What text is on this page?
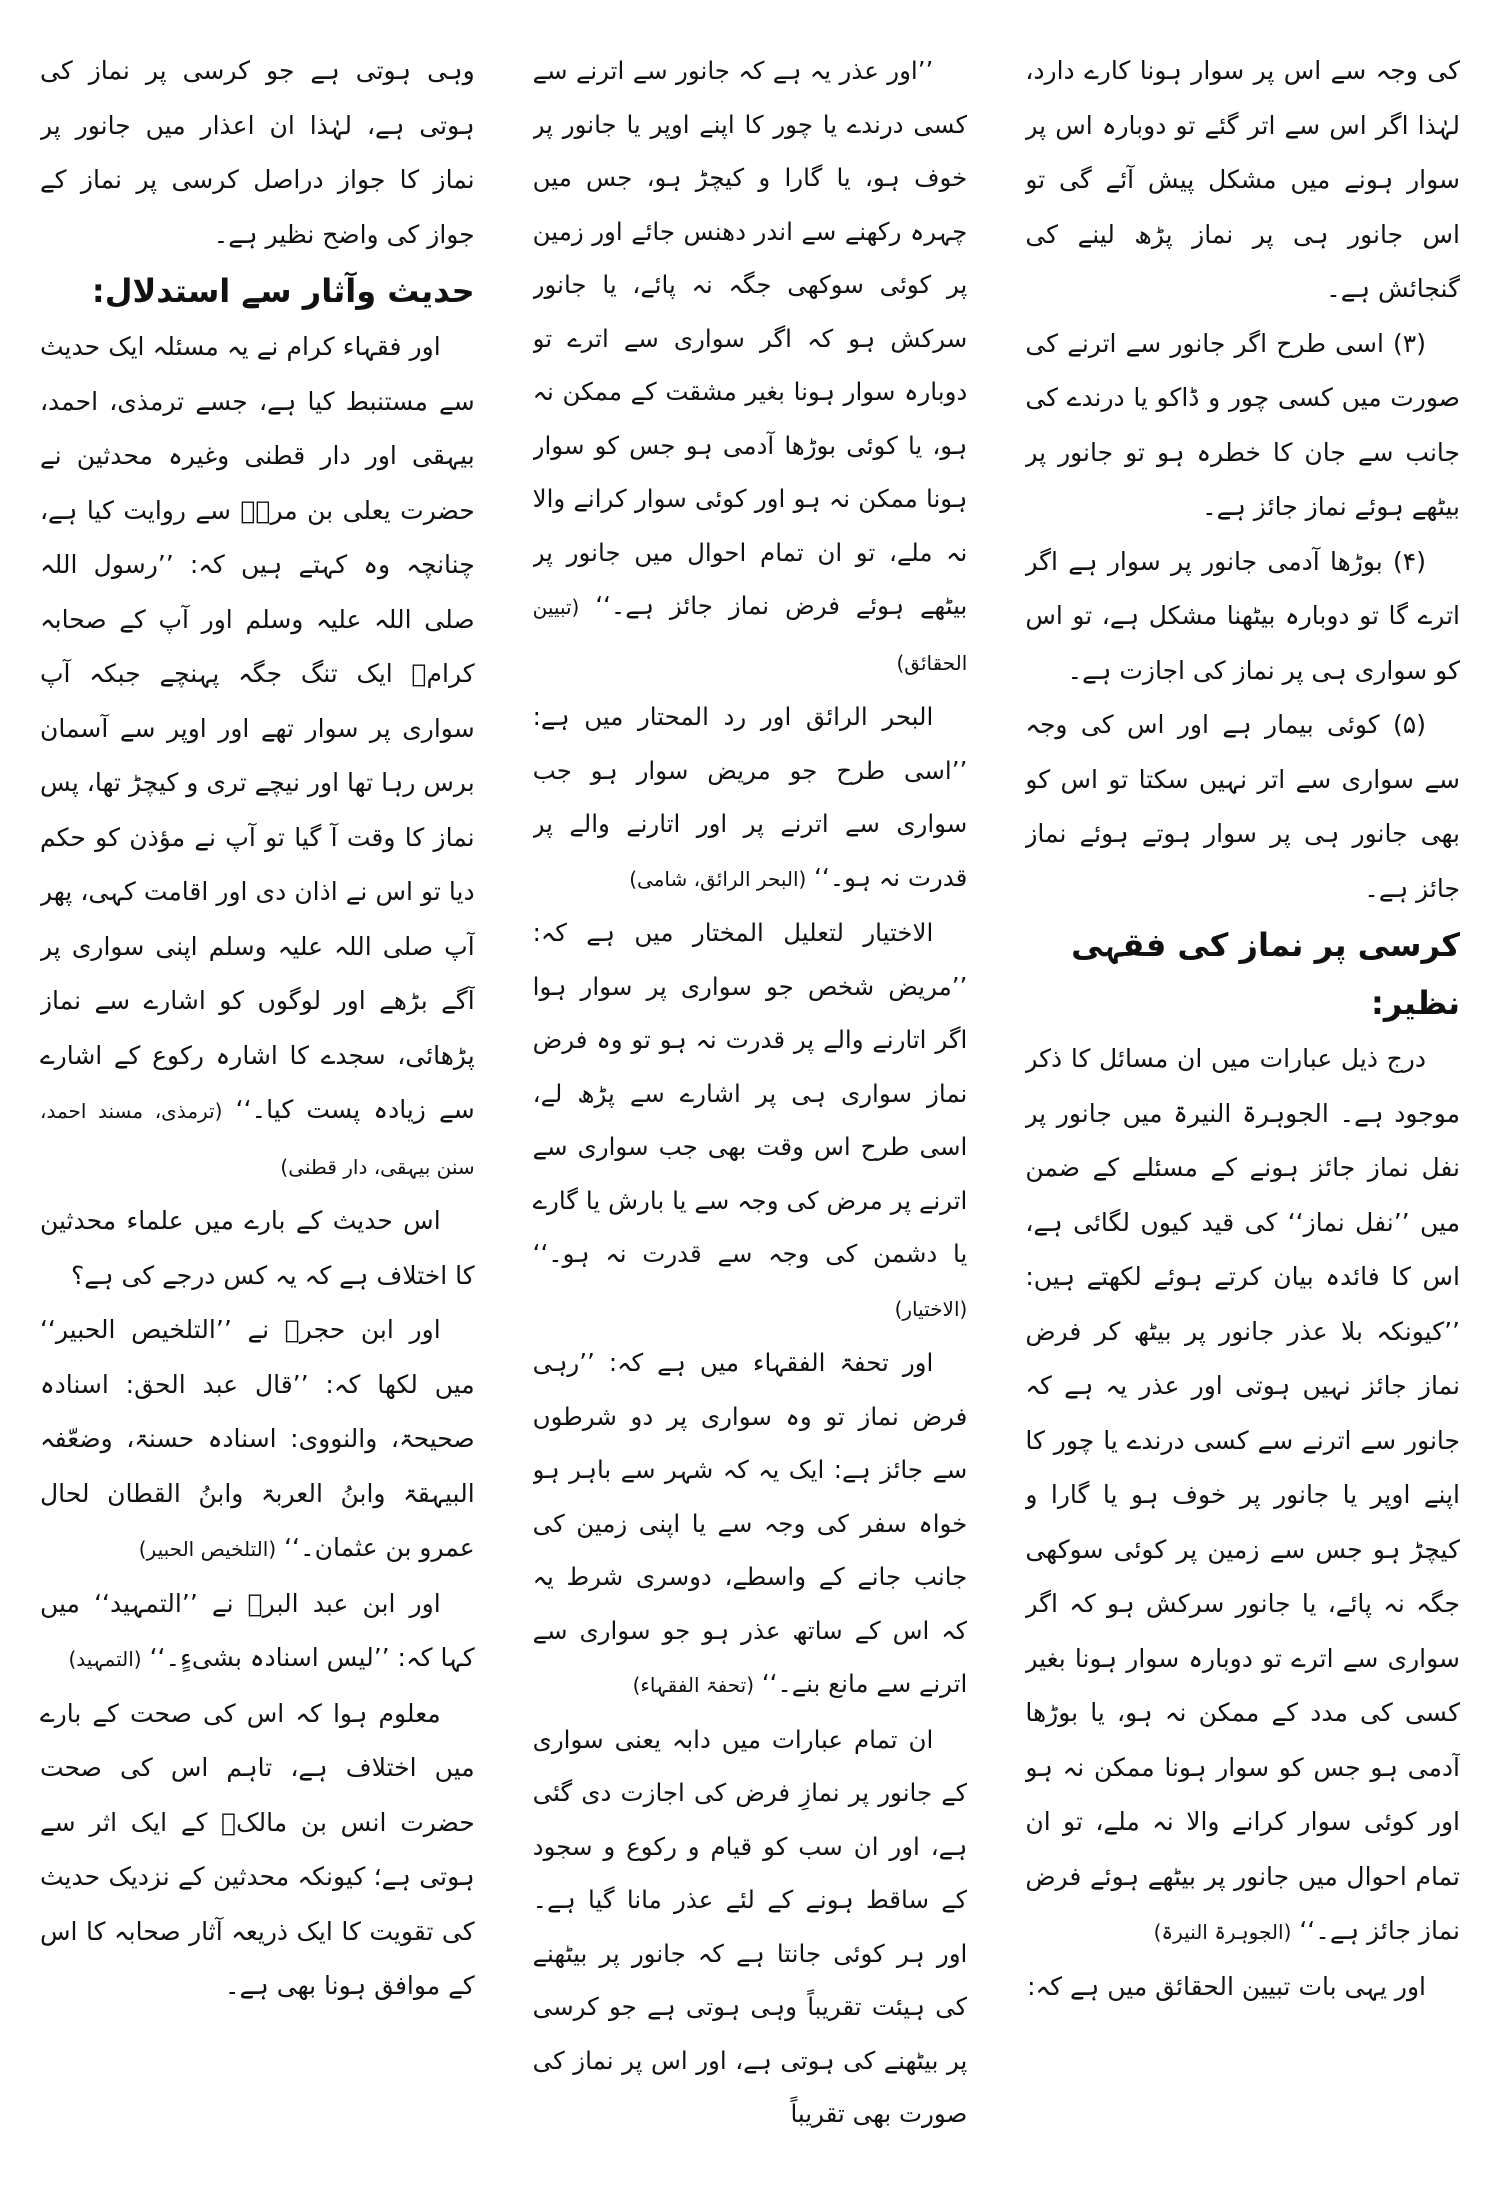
کی وجہ سے اس پر سوار ہونا کارے دارد، لہٰذا اگر اس سے اتر گئے تو دوبارہ اس پر سوار ہونے میں مشکل پیش آئے گی تو اس جانور ہی پر نماز پڑھ لینے کی گنجائش ہے۔

(۳) اسی طرح اگر جانور سے اترنے کی صورت میں کسی چور و ڈاکو یا درندے کی جانب سے جان کا خطرہ ہو تو جانور پر بیٹھے ہوئے نماز جائز ہے۔

(۴) بوڑھا آدمی جانور پر سوار ہے اگر اترے گا تو دوبارہ بیٹھنا مشکل ہے، تو اس کو سواری ہی پر نماز کی اجازت ہے۔

(۵) کوئی بیمار ہے اور اس کی وجہ سے سواری سے اتر نہیں سکتا تو اس کو بھی جانور ہی پر سوار ہوتے ہوئے نماز جائز ہے۔

کرسی پر نماز کی فقہی نظیر:

درج ذیل عبارات میں ان مسائل کا ذکر موجود ہے۔ الجوہرۃ النیرۃ میں جانور پر نفل نماز جائز ہونے کے مسئلے کے ضمن میں ’’نفل نماز‘‘ کی قید کیوں لگائی ہے، اس کا فائدہ بیان کرتے ہوئے لکھتے ہیں: ’’کیونکہ بلا عذر جانور پر بیٹھ کر فرض نماز جائز نہیں ہوتی اور عذر یہ ہے کہ جانور سے اترنے سے کسی درندے یا چور کا اپنے اوپر یا جانور پر خوف ہو یا گارا و کیچڑ ہو جس سے زمین پر کوئی سوکھی جگہ نہ پائے، یا جانور سرکش ہو کہ اگر سواری سے اترے تو دوبارہ سوار ہونا بغیر کسی کی مدد کے ممکن نہ ہو، یا بوڑھا آدمی ہو جس کو سوار ہونا ممکن نہ ہو اور کوئی سوار کرانے والا نہ ملے، تو ان تمام احوال میں جانور پر بیٹھے ہوئے فرض نماز جائز ہے۔‘‘ (الجوہرۃ النیرۃ)

اور یہی بات تبیین الحقائق میں ہے کہ:

’’اور عذر یہ ہے کہ جانور سے اترنے سے کسی درندے یا چور کا اپنے اوپر یا جانور پر خوف ہو، یا گارا و کیچڑ ہو، جس میں چہرہ رکھنے سے اندر دھنس جائے اور زمین پر کوئی سوکھی جگہ نہ پائے، یا جانور سرکش ہو کہ اگر سواری سے اترے تو دوبارہ سوار ہونا بغیر مشقت کے ممکن نہ ہو، یا کوئی بوڑھا آدمی ہو جس کو سوار ہونا ممکن نہ ہو اور کوئی سوار کرانے والا نہ ملے، تو ان تمام احوال میں جانور پر بیٹھے ہوئے فرض نماز جائز ہے۔‘‘ (تبیین الحقائق)

البحر الرائق اور رد المحتار میں ہے: ’’اسی طرح جو مریض سوار ہو جب سواری سے اترنے پر اور اتارنے والے پر قدرت نہ ہو۔‘‘ (البحر الرائق، شامی)

الاختیار لتعلیل المختار میں ہے کہ: ’’مریض شخص جو سواری پر سوار ہوا اگر اتارنے والے پر قدرت نہ ہو تو وہ فرض نماز سواری ہی پر اشارے سے پڑھ لے، اسی طرح اس وقت بھی جب سواری سے اترنے پر مرض کی وجہ سے یا بارش یا گارے یا دشمن کی وجہ سے قدرت نہ ہو۔‘‘ (الاختیار)

اور تحفۃ الفقہاء میں ہے کہ: ’’رہی فرض نماز تو وہ سواری پر دو شرطوں سے جائز ہے: ایک یہ کہ شہر سے باہر ہو خواہ سفر کی وجہ سے یا اپنی زمین کی جانب جانے کے واسطے، دوسری شرط یہ کہ اس کے ساتھ عذر ہو جو سواری سے اترنے سے مانع بنے۔‘‘ (تحفۃ الفقہاء)

ان تمام عبارات میں دابہ یعنی سواری کے جانور پر نمازِ فرض کی اجازت دی گئی ہے، اور ان سب کو قیام و رکوع و سجود کے ساقط ہونے کے لئے عذر مانا گیا ہے۔ اور ہر کوئی جانتا ہے کہ جانور پر بیٹھنے کی ہیئت تقریباً وہی ہوتی ہے جو کرسی پر بیٹھنے کی ہوتی ہے، اور اس پر نماز کی صورت بھی تقریباً

وہی ہوتی ہے جو کرسی پر نماز کی ہوتی ہے، لہٰذا ان اعذار میں جانور پر نماز کا جواز دراصل کرسی پر نماز کے جواز کی واضح نظیر ہے۔

حدیث وآثار سے استدلال:

اور فقہاء کرام نے یہ مسئلہ ایک حدیث سے مستنبط کیا ہے، جسے ترمذی، احمد، بیہقی اور دار قطنی وغیرہ محدثین نے حضرت یعلی بن مرہؓ سے روایت کیا ہے، چنانچہ وہ کہتے ہیں کہ: ’’رسول اللہ صلی اللہ علیہ وسلم اور آپ کے صحابہ کرامؓ ایک تنگ جگہ پہنچے جبکہ آپ سواری پر سوار تھے اور اوپر سے آسمان برس رہا تھا اور نیچے تری و کیچڑ تھا، پس نماز کا وقت آ گیا تو آپ نے مؤذن کو حکم دیا تو اس نے اذان دی اور اقامت کہی، پھر آپ صلی اللہ علیہ وسلم اپنی سواری پر آگے بڑھے اور لوگوں کو اشارے سے نماز پڑھائی، سجدے کا اشارہ رکوع کے اشارے سے زیادہ پست کیا۔‘‘ (ترمذی، مسند احمد، سنن بیہقی، دار قطنی)

اس حدیث کے بارے میں علماء محدثین کا اختلاف ہے کہ یہ کس درجے کی ہے؟

اور ابن حجرؒ نے ’’التلخیص الحبیر‘‘ میں لکھا کہ: ’’قال عبد الحق: اسنادہ صحیحۃ، والنووی: اسنادہ حسنۃ، وضعّفہ البیہقۃ وابنُ العربۃ وابنُ القطان لحال عمرو بن عثمان۔‘‘ (التلخیص الحبیر)

اور ابن عبد البرؒ نے ’’التمہید‘‘ میں کہا کہ: ’’لیس اسنادہ بشیءٍ۔‘‘ (التمہید)

معلوم ہوا کہ اس کی صحت کے بارے میں اختلاف ہے، تاہم اس کی صحت حضرت انس بن مالکؓ کے ایک اثر سے ہوتی ہے؛ کیونکہ محدثین کے نزدیک حدیث کی تقویت کا ایک ذریعہ آثار صحابہ کا اس کے موافق ہونا بھی ہے۔
